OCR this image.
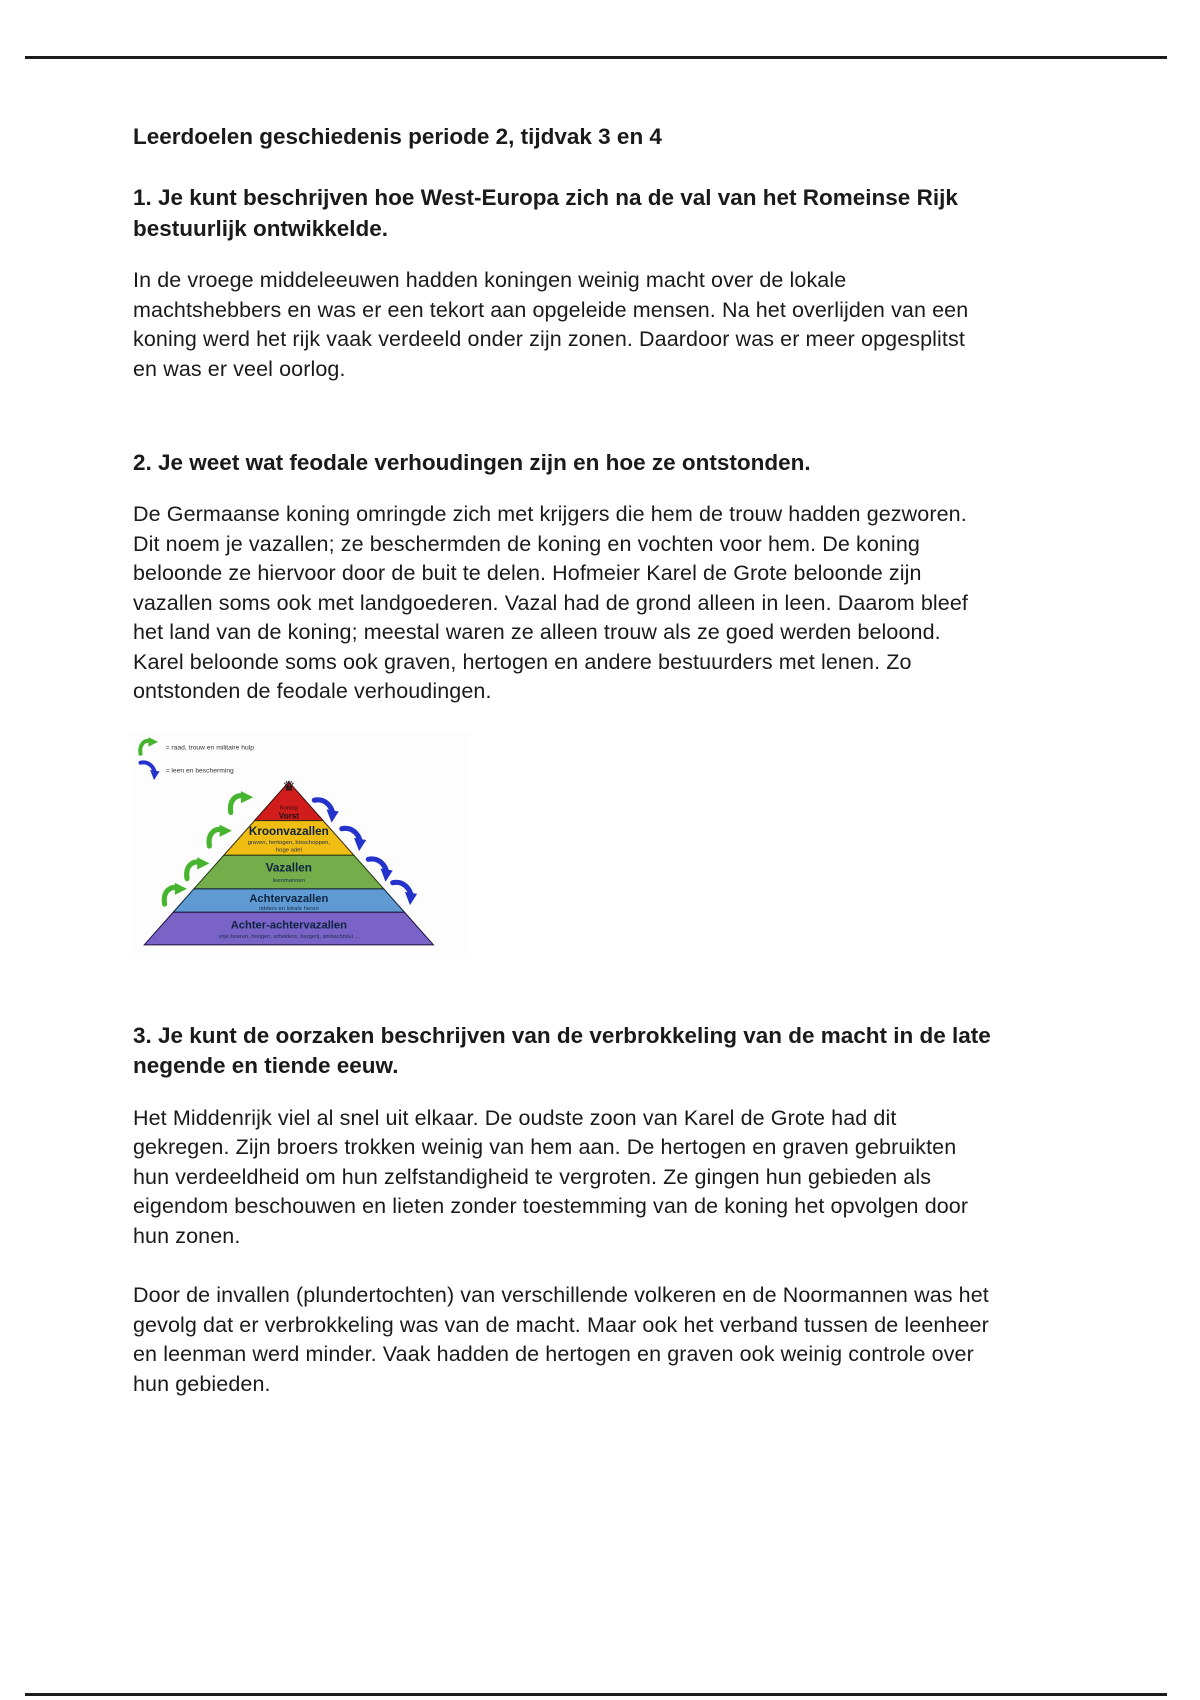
Leerdoelen geschiedenis periode 2, tijdvak 3 en 4
1. Je kunt beschrijven hoe West-Europa zich na de val van het Romeinse Rijk bestuurlijk ontwikkelde.

In de vroege middeleeuwen hadden koningen weinig macht over de lokale machtshebbers en was er een tekort aan opgeleide mensen. Na het overlijden van een koning werd het rijk vaak verdeeld onder zijn zonen. Daardoor was er meer opgesplitst en was er veel oorlog.

2. Je weet wat feodale verhoudingen zijn en hoe ze ontstonden.

De Germaanse koning omringde zich met krijgers die hem de trouw hadden gezworen. Dit noem je vazallen; ze beschermden de koning en vochten voor hem. De koning beloonde ze hiervoor door de buit te delen. Hofmeier Karel de Grote beloonde zijn vazallen soms ook met landgoederen. Vazal had de grond alleen in leen. Daarom bleef het land van de koning; meestal waren ze alleen trouw als ze goed werden beloond. Karel beloonde soms ook graven, hertogen en andere bestuurders met lenen. Zo ontstonden de feodale verhoudingen.

= raad, trouw en militaire hulp
= leen en bescherming
♛
Koning
Vorst
Kroonvazallen
graven, hertogen, bisschoppen,
hoge adel
Vazallen
leenmannen
Achtervazallen
ridders en lokale heren
Achter-achtervazallen
vrije boeren, horigen, arbeiders, burgerij, ambachtslui ...
3. Je kunt de oorzaken beschrijven van de verbrokkeling van de macht in de late negende en tiende eeuw.

Het Middenrijk viel al snel uit elkaar. De oudste zoon van Karel de Grote had dit gekregen. Zijn broers trokken weinig van hem aan. De hertogen en graven gebruikten hun verdeeldheid om hun zelfstandigheid te vergroten. Ze gingen hun gebieden als eigendom beschouwen en lieten zonder toestemming van de koning het opvolgen door hun zonen.

Door de invallen (plundertochten) van verschillende volkeren en de Noormannen was het gevolg dat er verbrokkeling was van de macht. Maar ook het verband tussen de leenheer en leenman werd minder. Vaak hadden de hertogen en graven ook weinig controle over hun gebieden.
